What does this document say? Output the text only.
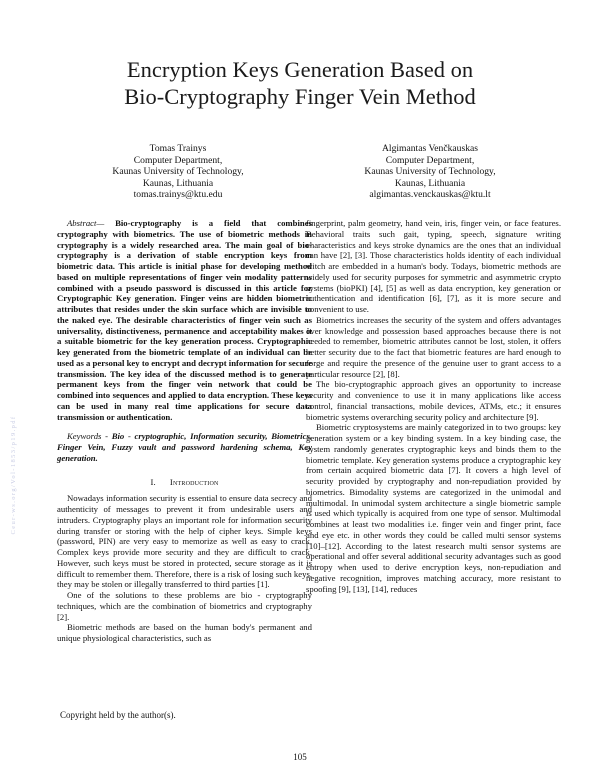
Ceur-ws.org/Vol-1853/p19.pdf
Encryption Keys Generation Based on
Bio-Cryptography Finger Vein Method
Tomas Trainys
Computer Department,
Kaunas University of Technology,
Kaunas, Lithuania
tomas.trainys@ktu.edu
Algimantas Venčkauskas
Computer Department,
Kaunas University of Technology,
Kaunas, Lithuania
algimantas.venckauskas@ktu.lt

Abstract— Bio-cryptography is a field that combines cryptography with biometrics. The use of biometric methods in cryptography is a widely researched area. The main goal of bio-cryptography is a derivation of stable encryption keys from biometric data. This article is initial phase for developing method based on multiple representations of finger vein modality patterns combined with a pseudo password is discussed in this article for Cryptographic Key generation. Finger veins are hidden biometric attributes that resides under the skin surface which are invisible to the naked eye. The desirable characteristics of finger vein such as universality, distinctiveness, permanence and acceptability makes it a suitable biometric for the key generation process. Cryptographic key generated from the biometric template of an individual can be used as a personal key to encrypt and decrypt information for secure transmission. The key idea of the discussed method is to generate permanent keys from the finger vein network that could be combined into sequences and applied to data encryption. These keys can be used in many real time applications for secure data transmission or authentication.

Keywords - Bio - cryptographic, Information security, Biometrics, Finger Vein, Fuzzy vault and password hardening schema, Key generation.

I. Introduction

Nowadays information security is essential to ensure data secrecy and authenticity of messages to prevent it from undesirable users and intruders. Cryptography plays an important role for information security during transfer or storing with the help of cipher keys. Simple keys (password, PIN) are very easy to memorize as well as easy to crack. Complex keys provide more security and they are difficult to crack. However, such keys must be stored in protected, secure storage as it is difficult to remember them. Therefore, there is a risk of losing such keys, they may be stolen or illegally transferred to third parties [1].

One of the solutions to these problems are bio - cryptography techniques, which are the combination of biometrics and cryptography [2].

Biometric methods are based on the human body's permanent and unique physiological characteristics, such as

fingerprint, palm geometry, hand vein, iris, finger vein, or face features. Behavioral traits such gait, typing, speech, signature writing characteristics and keys stroke dynamics are the ones that an individual can have [2], [3]. Those characteristics holds identity of each individual witch are embedded in a human's body. Todays, biometric methods are widely used for security purposes for symmetric and asymmetric crypto systems (bioPKI) [4], [5] as well as data encryption, key generation or authentication and identification [6], [7], as it is more secure and convenient to use.

Biometrics increases the security of the system and offers advantages over knowledge and possession based approaches because there is not needed to remember, biometric attributes cannot be lost, stolen, it offers better security due to the fact that biometric features are hard enough to forge and require the presence of the genuine user to grant access to a particular resource [2], [8].

The bio-cryptographic approach gives an opportunity to increase security and convenience to use it in many applications like access control, financial transactions, mobile devices, ATMs, etc.; it ensures biometric systems overarching security policy and architecture [9].

Biometric cryptosystems are mainly categorized in to two groups: key generation system or a key binding system. In a key binding case, the system randomly generates cryptographic keys and binds them to the biometric template. Key generation systems produce a cryptographic key from certain acquired biometric data [7]. It covers a high level of security provided by cryptography and non-repudiation provided by biometrics. Bimodality systems are categorized in the unimodal and multimodal. In unimodal system architecture a single biometric sample is used which typically is acquired from one type of sensor. Multimodal combines at least two modalities i.e. finger vein and finger print, face and eye etc. in other words they could be called multi sensor systems [10]–[12]. According to the latest research multi sensor systems are operational and offer several additional security advantages such as good entropy when used to derive encryption keys, non-repudiation and negative recognition, improves matching accuracy, more resistant to spoofing [9], [13], [14], reduces

Copyright held by the author(s).
105
